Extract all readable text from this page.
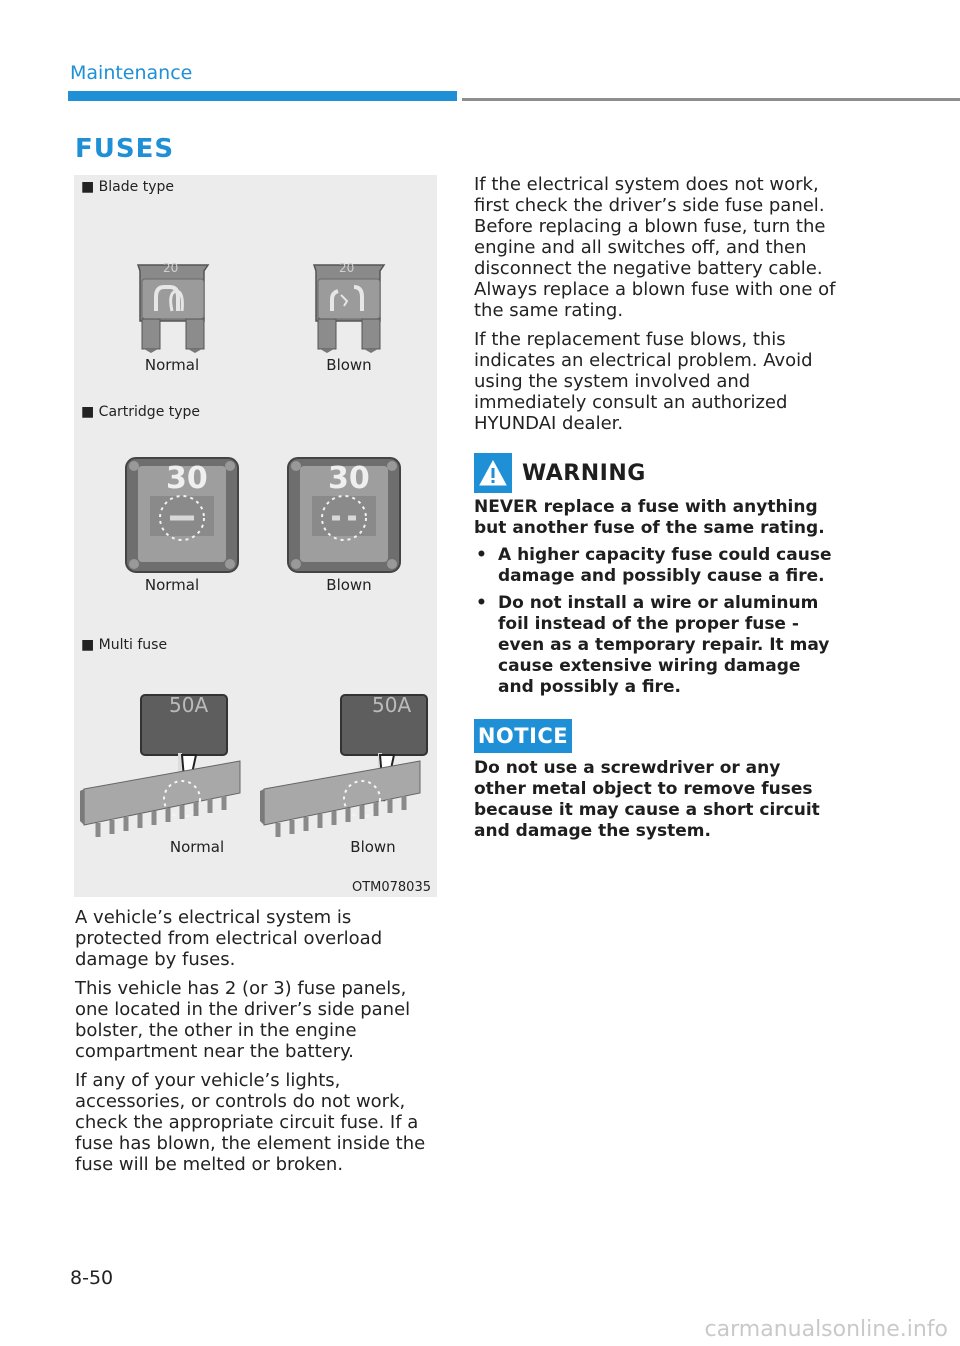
Maintenance
FUSES
■ Blade type
20	20
Normal	Blown
■ Cartridge type
30	30
Normal	Blown
■ Multi fuse
50A	50A
Normal	Blown
OTM078035

A vehicle’s electrical system is protected from electrical overload damage by fuses.

This vehicle has 2 (or 3) fuse panels, one located in the driver’s side panel bolster, the other in the engine compartment near the battery.

If any of your vehicle’s lights, accessories, or controls do not work, check the appropriate circuit fuse. If a fuse has blown, the element inside the fuse will be melted or broken.

If the electrical system does not work, first check the driver’s side fuse panel. Before replacing a blown fuse, turn the engine and all switches off, and then disconnect the negative battery cable. Always replace a blown fuse with one of the same rating.

If the replacement fuse blows, this indicates an electrical problem. Avoid using the system involved and immediately consult an authorized HYUNDAI dealer.

WARNING

NEVER replace a fuse with anything but another fuse of the same rating.

• A higher capacity fuse could cause damage and possibly cause a fire.
• Do not install a wire or aluminum foil instead of the proper fuse - even as a temporary repair. It may cause extensive wiring damage and possibly a fire.
NOTICE
Do not use a screwdriver or any other metal object to remove fuses because it may cause a short circuit and damage the system.
8-50
carmanualsonline.info
